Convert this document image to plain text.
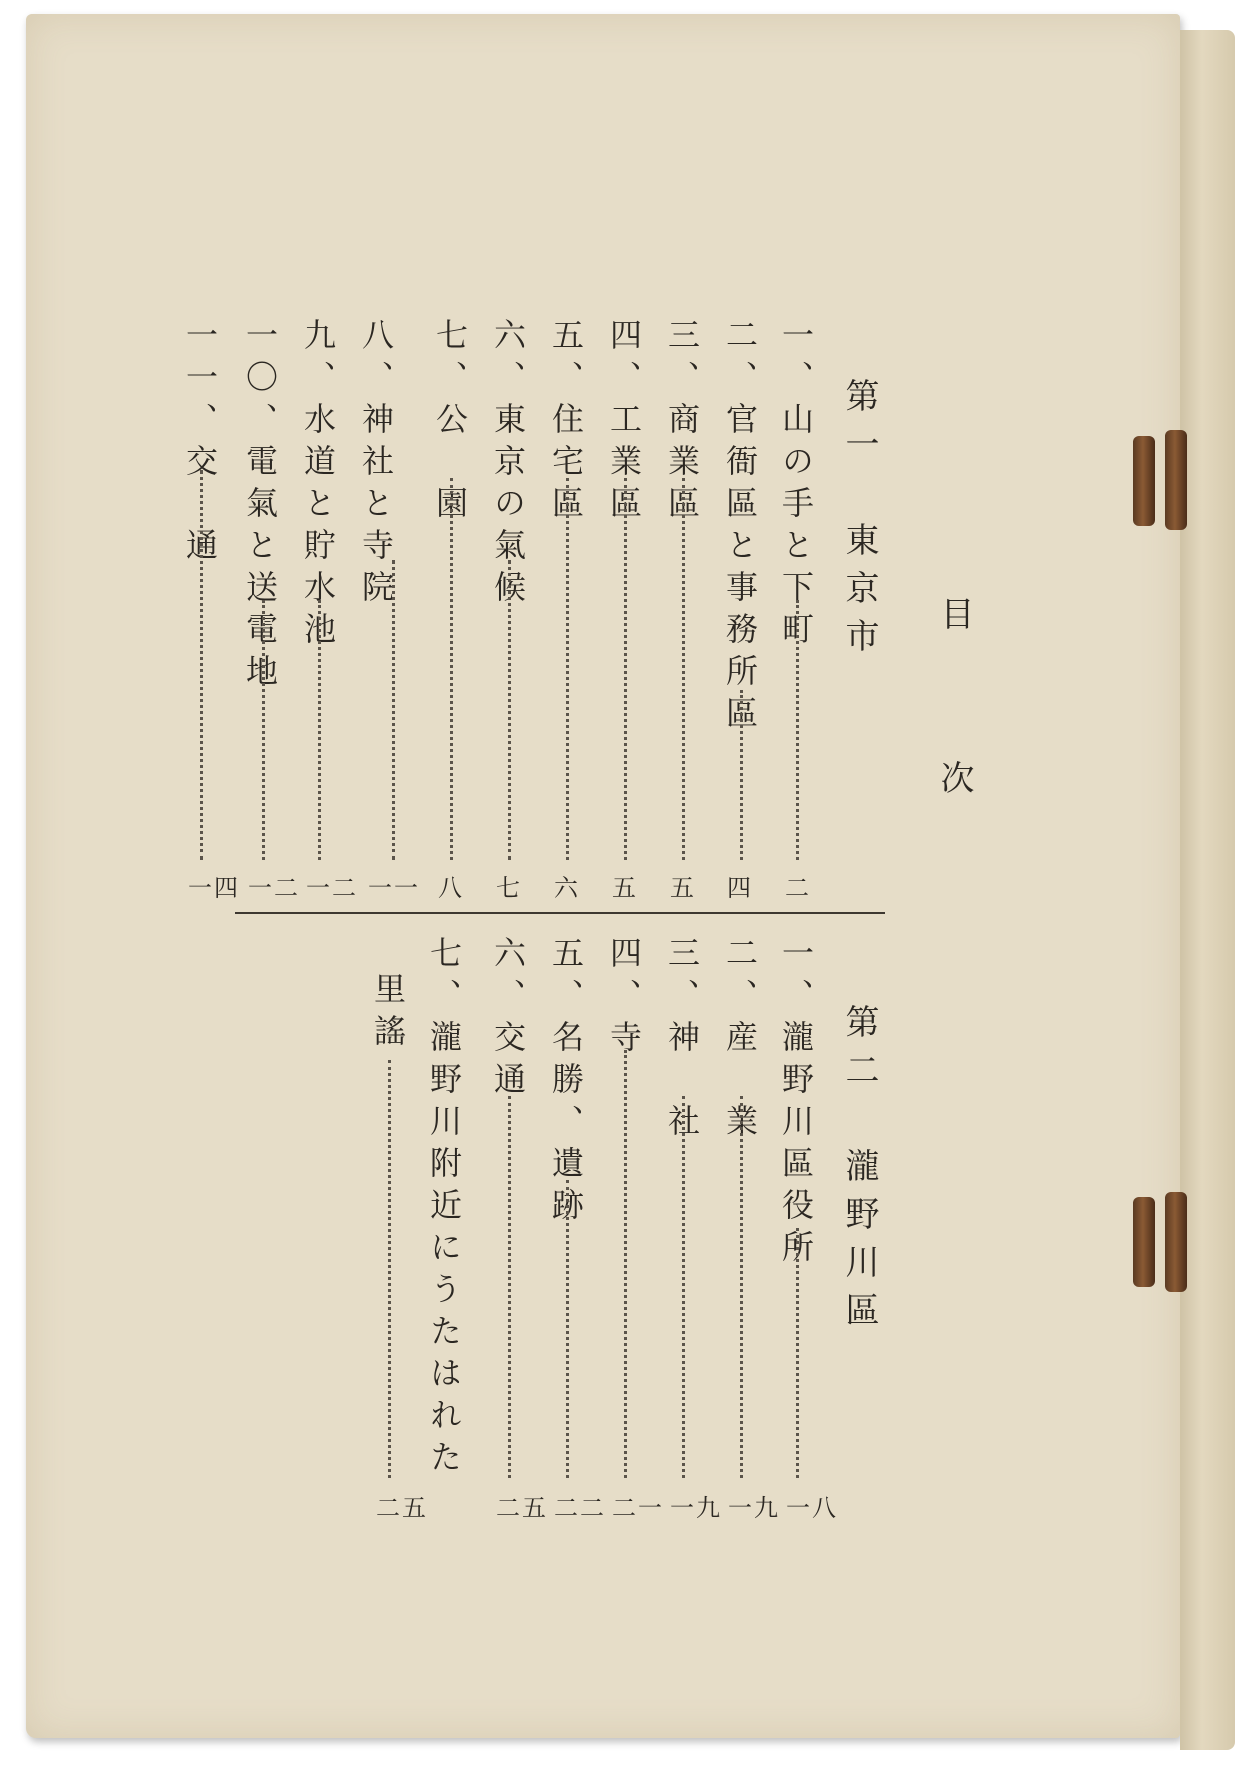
目
次
第一　東京市
一、山の手と下町
二
二、官衙區と事務所區
四
三、商業區
五
四、工業區
五
五、住宅區
六
六、東京の氣候
七
七、公　園
八
八、神社と寺院
一一
九、水道と貯水池
一二
一〇、電氣と送電地
一二
一一、交　通
一四
第二　瀧野川區
一、瀧野川區役所
一八
二、産　業
一九
三、神　社
一九
四、寺
二一
五、名勝、遺跡
二二
六、交通
二五
七、瀧野川附近にうたはれた
里謠
二五
